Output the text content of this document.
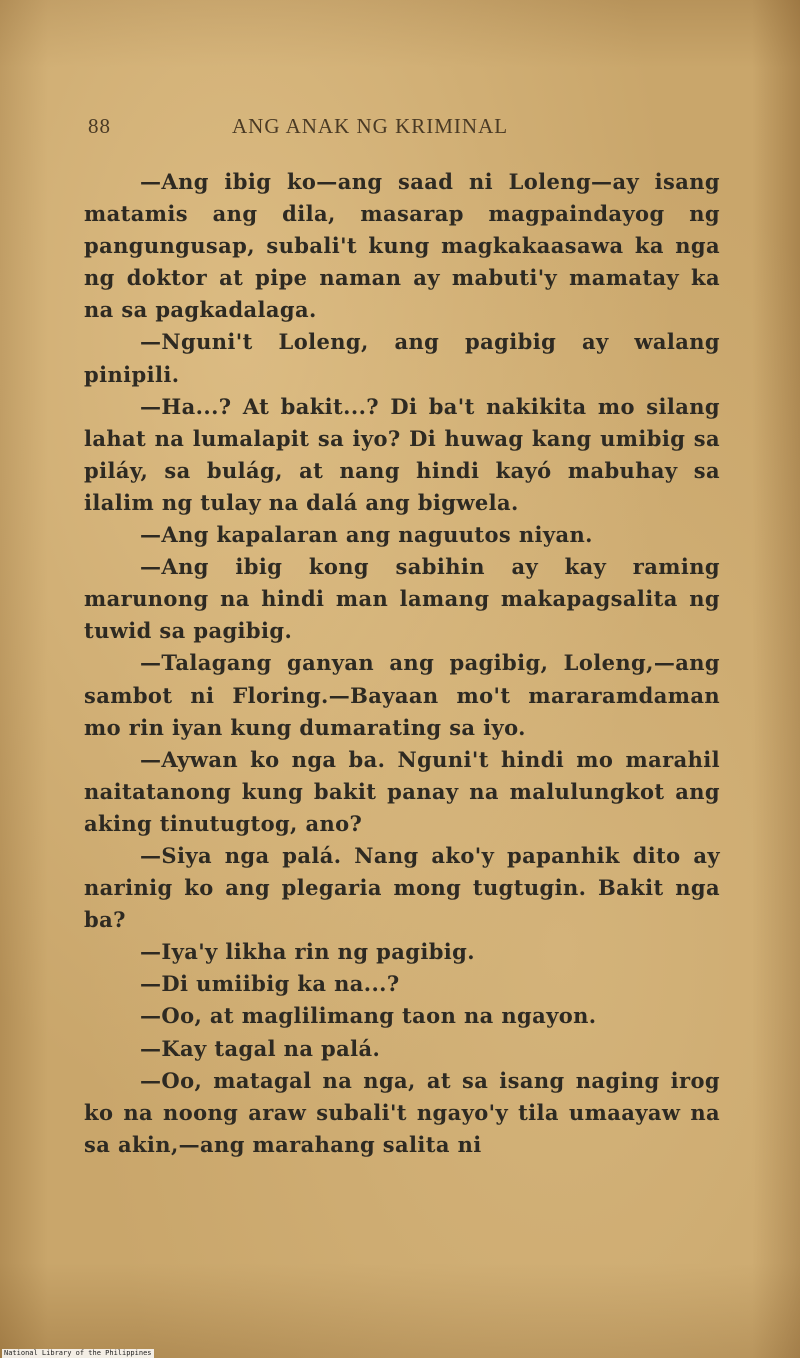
88	ANG ANAK NG KRIMINAL

—Ang ibig ko—ang saad ni Loleng—ay isang matamis ang dila, masarap magpaindayog ng pangungusap, subali't kung magkakaasawa ka nga ng doktor at pipe naman ay mabuti'y mamatay ka na sa pagkadalaga.

—Nguni't Loleng, ang pagibig ay walang pinipili.

—Ha...? At bakit...? Di ba't nakikita mo silang lahat na lumalapit sa iyo? Di huwag kang umibig sa piláy, sa bulág, at nang hindi kayó mabuhay sa ilalim ng tulay na dalá ang bigwela.

—Ang kapalaran ang naguutos niyan.

—Ang ibig kong sabihin ay kay raming marunong na hindi man lamang makapagsalita ng tuwid sa pagibig.

—Talagang ganyan ang pagibig, Loleng,—ang sambot ni Floring.—Bayaan mo't mararamdaman mo rin iyan kung dumarating sa iyo.

—Aywan ko nga ba. Nguni't hindi mo marahil naitatanong kung bakit panay na malulungkot ang aking tinutugtog, ano?

—Siya nga palá. Nang ako'y papanhik dito ay narinig ko ang plegaria mong tugtugin. Bakit nga ba?

—Iya'y likha rin ng pagibig.

—Di umiibig ka na...?

—Oo, at maglilimang taon na ngayon.

—Kay tagal na palá.

—Oo, matagal na nga, at sa isang naging irog ko na noong araw subali't ngayo'y tila umaayaw na sa akin,—ang marahang salita ni

National Library of the Philippines
